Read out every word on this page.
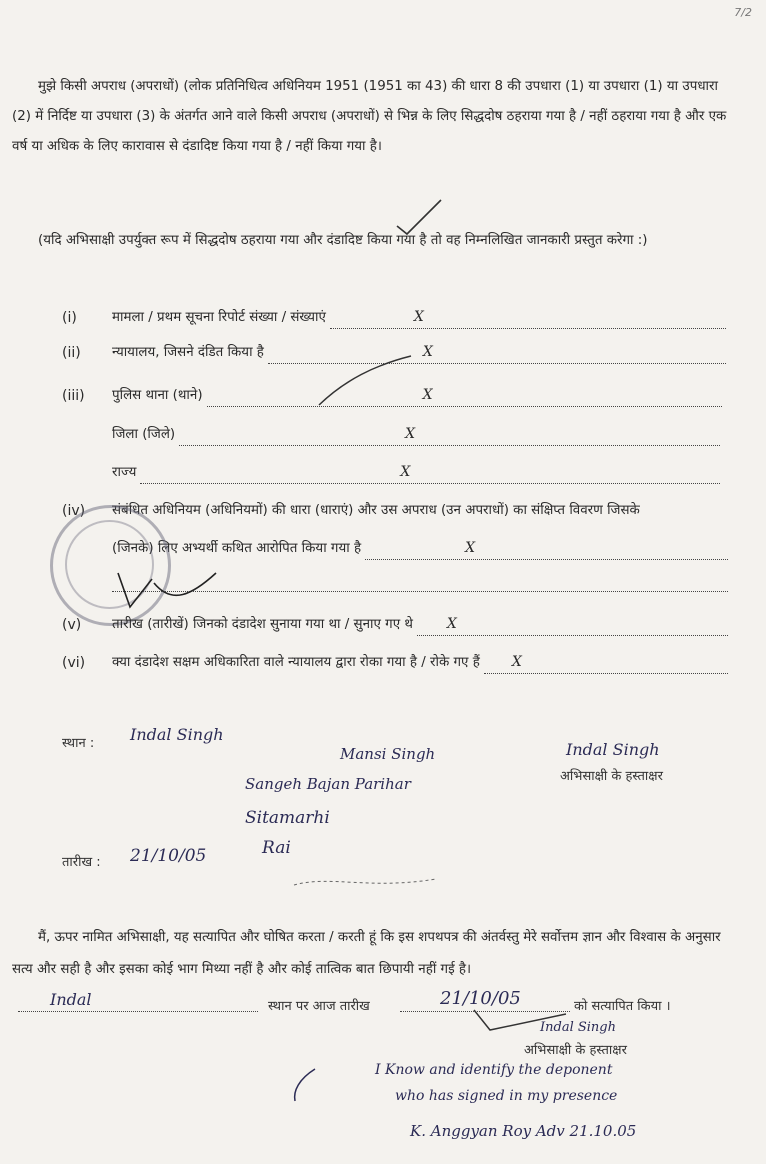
7/2
मुझे किसी अपराध (अपराधों) (लोक प्रतिनिधित्व अधिनियम 1951 (1951 का 43) की धारा 8 की उपधारा (1) या उपधारा (1) या उपधारा (2) में निर्दिष्ट या उपधारा (3) के अंतर्गत आने वाले किसी अपराध (अपराधों) से भिन्न के लिए सिद्धदोष ठहराया गया है / नहीं ठहराया गया है और एक वर्ष या अधिक के लिए कारावास से दंडादिष्ट किया गया है / नहीं किया गया है।
(यदि अभिसाक्षी उपर्युक्त रूप में सिद्धदोष ठहराया गया और दंडादिष्ट किया गया है तो वह निम्नलिखित जानकारी प्रस्तुत करेगा :)
(i)	मामला / प्रथम सूचना रिपोर्ट संख्या / संख्याएं	X
(ii) न्यायालय, जिसने दंडित किया है	X
(iii) पुलिस थाना (थाने)	X
जिला (जिले)	X
राज्य	X
(iv) संबंधित अधिनियम (अधिनियमों) की धारा (धाराएं) और उस अपराध (उन अपराधों) का संक्षिप्त विवरण जिसके
(जिनके) लिए अभ्यर्थी कथित आरोपित किया गया है	X
(v) तारीख (तारीखें) जिनको दंडादेश सुनाया गया था / सुनाए गए थे X
(vi) क्या दंडादेश सक्षम अधिकारिता वाले न्यायालय द्वारा रोका गया है / रोके गए हैं X
स्थान : Indal Singh
Mansi Singh
Sangeh Bajan Parihar
Sitamarhi
Rai
तारीख : 21/10/05
Indal Singh
अभिसाक्षी के हस्ताक्षर
मैं, ऊपर नामित अभिसाक्षी, यह सत्यापित और घोषित करता / करती हूं कि इस शपथपत्र की अंतर्वस्तु मेरे सर्वोत्तम ज्ञान और विश्वास के अनुसार सत्य और सही है और इसका कोई भाग मिथ्या नहीं है और कोई तात्विक बात छिपायी नहीं गई है।
Indal	स्थान पर आज तारीख	21/10/05	को सत्यापित किया ।
Indal Singh
अभिसाक्षी के हस्ताक्षर
I Know and identify the deponent
who has signed in my presence
K. Anggyan Roy Adv 21.10.05
